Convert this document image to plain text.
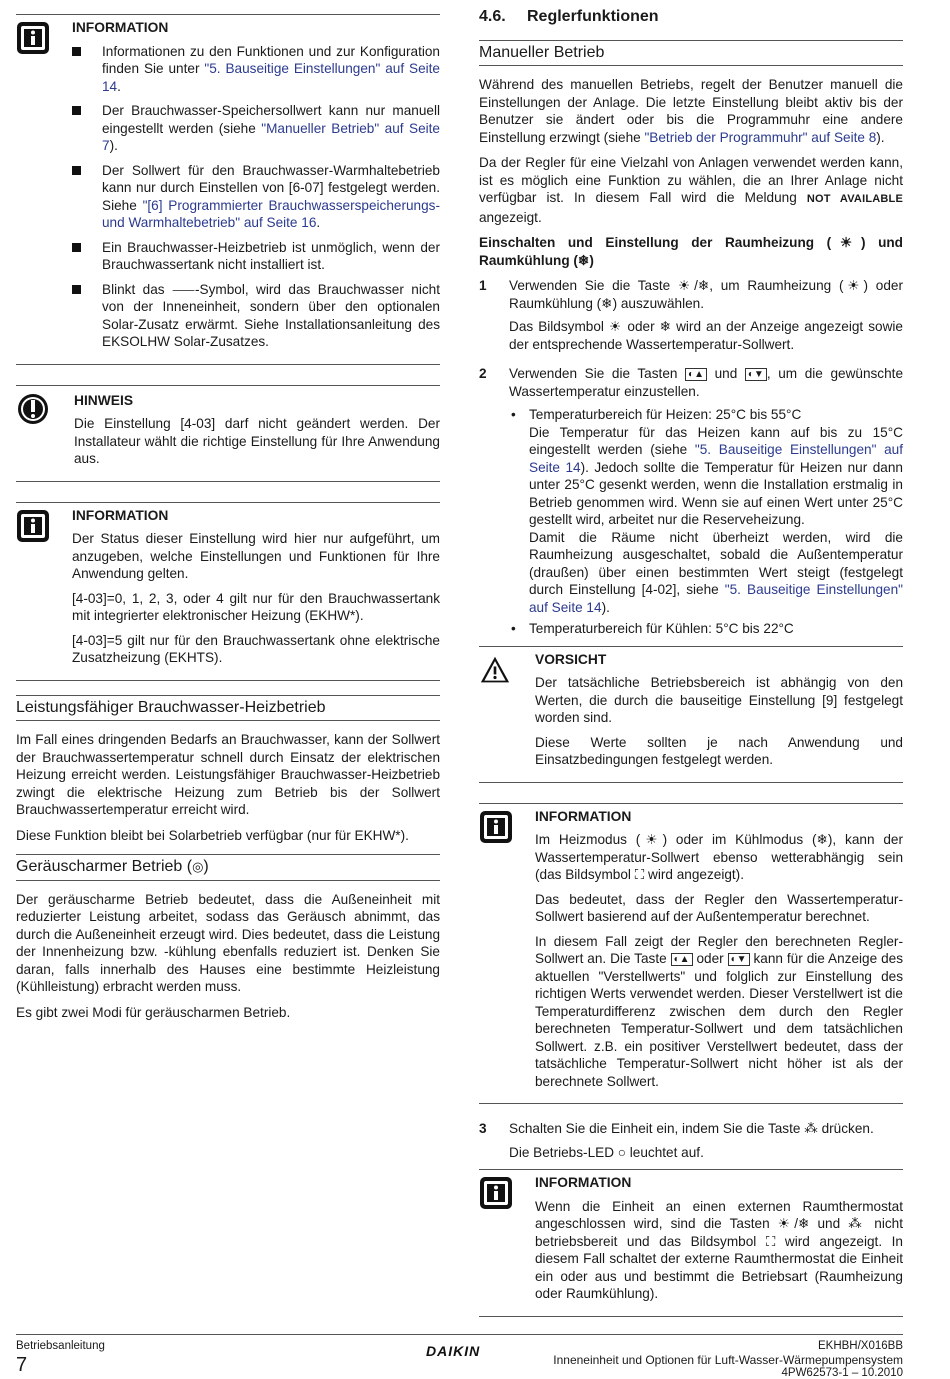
INFORMATION
Informationen zu den Funktionen und zur Konfiguration finden Sie unter "5. Bauseitige Einstellungen" auf Seite 14.
Der Brauchwasser-Speichersollwert kann nur manuell eingestellt werden (siehe "Manueller Betrieb" auf Seite 7).
Der Sollwert für den Brauchwasser-Warmhaltebetrieb kann nur durch Einstellen von [6-07] festgelegt werden. Siehe "[6] Programmierter Brauchwasserspeicherungs- und Warmhaltebetrieb" auf Seite 16.
Ein Brauchwasser-Heizbetrieb ist unmöglich, wenn der Brauchwassertank nicht installiert ist.
Blinkt das ⸺-Symbol, wird das Brauchwasser nicht von der Inneneinheit, sondern über den optionalen Solar-Zusatz erwärmt. Siehe Installationsanleitung des EKSOLHW Solar-Zusatzes.
HINWEIS

Die Einstellung [4-03] darf nicht geändert werden. Der Installateur wählt die richtige Einstellung für Ihre Anwendung aus.

INFORMATION

Der Status dieser Einstellung wird hier nur aufgeführt, um anzugeben, welche Einstellungen und Funktionen für Ihre Anwendung gelten.

[4-03]=0, 1, 2, 3, oder 4 gilt nur für den Brauchwassertank mit integrierter elektronischer Heizung (EKHW*).

[4-03]=5 gilt nur für den Brauchwassertank ohne elektrische Zusatzheizung (EKHTS).

Leistungsfähiger Brauchwasser-Heizbetrieb

Im Fall eines dringenden Bedarfs an Brauchwasser, kann der Sollwert der Brauchwassertemperatur schnell durch Einsatz der elektrischen Heizung erreicht werden. Leistungsfähiger Brauchwasser-Heizbetrieb zwingt die elektrische Heizung zum Betrieb bis der Sollwert Brauchwassertemperatur erreicht wird.

Diese Funktion bleibt bei Solarbetrieb verfügbar (nur für EKHW*).

Geräuscharmer Betrieb (◎)

Der geräuscharme Betrieb bedeutet, dass die Außeneinheit mit reduzierter Leistung arbeitet, sodass das Geräusch abnimmt, das durch die Außeneinheit erzeugt wird. Dies bedeutet, dass die Leistung der Innenheizung bzw. -kühlung ebenfalls reduziert ist. Denken Sie daran, falls innerhalb des Hauses eine bestimmte Heizleistung (Kühlleistung) erbracht werden muss.

Es gibt zwei Modi für geräuscharmen Betrieb.

4.6. Reglerfunktionen
Manueller Betrieb

Während des manuellen Betriebs, regelt der Benutzer manuell die Einstellungen der Anlage. Die letzte Einstellung bleibt aktiv bis der Benutzer sie ändert oder bis die Programmuhr eine andere Einstellung erzwingt (siehe "Betrieb der Programmuhr" auf Seite 8).

Da der Regler für eine Vielzahl von Anlagen verwendet werden kann, ist es möglich eine Funktion zu wählen, die an Ihrer Anlage nicht verfügbar ist. In diesem Fall wird die Meldung NOT AVAILABLE angezeigt.

Einschalten und Einstellung der Raumheizung (☀) und Raumkühlung (❄)

1 Verwenden Sie die Taste ☀/❄, um Raumheizung (☀) oder Raumkühlung (❄) auszuwählen.

Das Bildsymbol ☀ oder ❄ wird an der Anzeige angezeigt sowie der entsprechende Wassertemperatur-Sollwert.

2 Verwenden Sie die Tasten ◐▲ und ◐▼ , um die gewünschte Wassertemperatur einzustellen.

• Temperaturbereich für Heizen: 25°C bis 55°C
Die Temperatur für das Heizen kann auf bis zu 15°C eingestellt werden (siehe "5. Bauseitige Einstellungen" auf Seite 14). Jedoch sollte die Temperatur für Heizen nur dann unter 25°C gesenkt werden, wenn die Installation erstmalig in Betrieb genommen wird. Wenn sie auf einen Wert unter 25°C gestellt wird, arbeitet nur die Reserveheizung.
Damit die Räume nicht überheizt werden, wird die Raumheizung ausgeschaltet, sobald die Außentemperatur (draußen) über einen bestimmten Wert steigt (festgelegt durch Einstellung [4-02], siehe "5. Bauseitige Einstellungen" auf Seite 14).
• Temperaturbereich für Kühlen: 5°C bis 22°C
VORSICHT

Der tatsächliche Betriebsbereich ist abhängig von den Werten, die durch die bauseitige Einstellung [9] festgelegt worden sind.

Diese Werte sollten je nach Anwendung und Einsatzbedingungen festgelegt werden.

INFORMATION

Im Heizmodus (☀) oder im Kühlmodus (❄), kann der Wassertemperatur-Sollwert ebenso wetterabhängig sein (das Bildsymbol ⛶ wird angezeigt).

Das bedeutet, dass der Regler den Wassertemperatur-Sollwert basierend auf der Außentemperatur berechnet.

In diesem Fall zeigt der Regler den berechneten Regler-Sollwert an. Die Taste ◐▲ oder ◐▼ kann für die Anzeige des aktuellen "Verstellwerts" und folglich zur Einstellung des richtigen Werts verwendet werden. Dieser Verstellwert ist die Temperaturdifferenz zwischen dem durch den Regler berechneten Temperatur-Sollwert und dem tatsächlichen Sollwert. z.B. ein positiver Verstellwert bedeutet, dass der tatsächliche Temperatur-Sollwert nicht höher ist als der berechnete Sollwert.

3 Schalten Sie die Einheit ein, indem Sie die Taste ⁂ drücken.

Die Betriebs-LED ○ leuchtet auf.

INFORMATION

Wenn die Einheit an einen externen Raumthermostat angeschlossen wird, sind die Tasten ☀/❄ und ⁂ nicht betriebsbereit und das Bildsymbol ⛶ wird angezeigt. In diesem Fall schaltet der externe Raumthermostat die Einheit ein oder aus und bestimmt die Betriebsart (Raumheizung oder Raumkühlung).

Betriebsanleitung
7
DAIKIN	EKHBH/X016BB
Inneneinheit und Optionen für Luft-Wasser-Wärmepumpensystem
4PW62573-1 – 10.2010
